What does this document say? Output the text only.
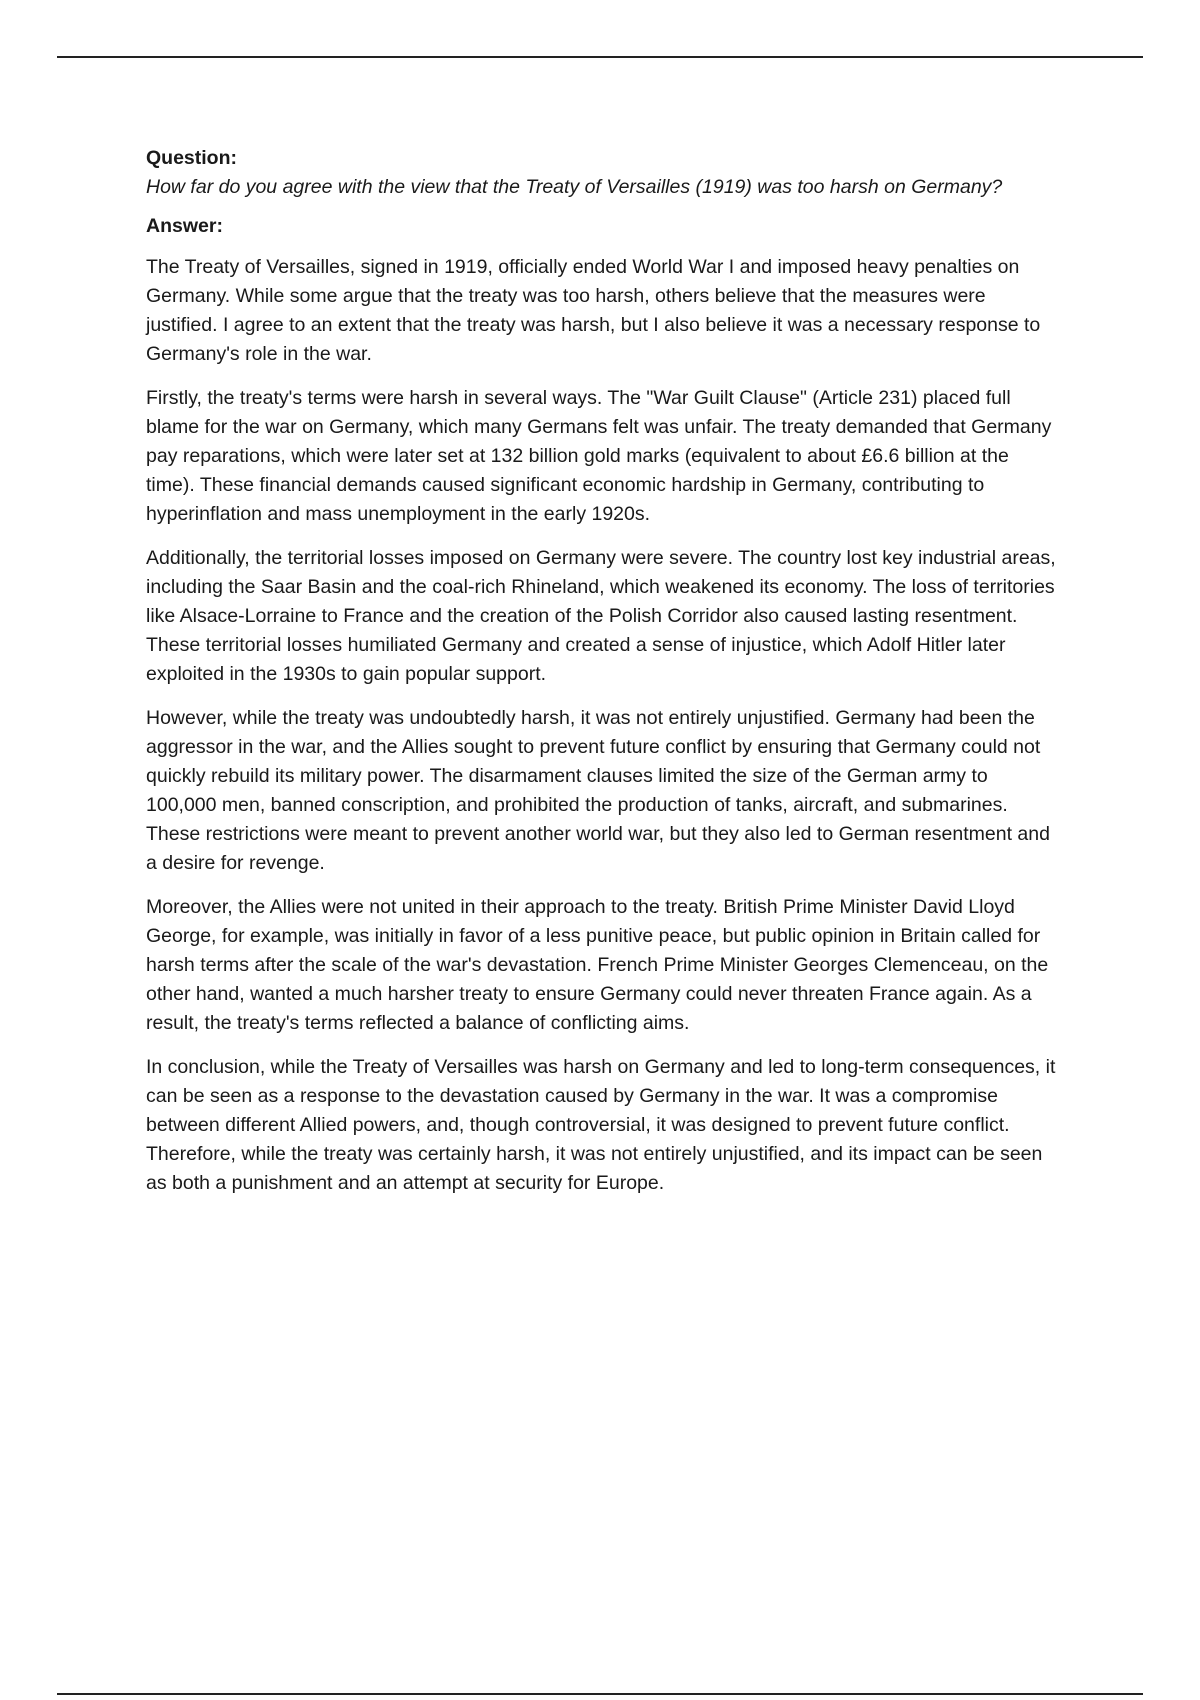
Question:

How far do you agree with the view that the Treaty of Versailles (1919) was too harsh on Germany?

Answer:

The Treaty of Versailles, signed in 1919, officially ended World War I and imposed heavy penalties on Germany. While some argue that the treaty was too harsh, others believe that the measures were justified. I agree to an extent that the treaty was harsh, but I also believe it was a necessary response to Germany's role in the war.

Firstly, the treaty's terms were harsh in several ways. The "War Guilt Clause" (Article 231) placed full blame for the war on Germany, which many Germans felt was unfair. The treaty demanded that Germany pay reparations, which were later set at 132 billion gold marks (equivalent to about £6.6 billion at the time). These financial demands caused significant economic hardship in Germany, contributing to hyperinflation and mass unemployment in the early 1920s.

Additionally, the territorial losses imposed on Germany were severe. The country lost key industrial areas, including the Saar Basin and the coal-rich Rhineland, which weakened its economy. The loss of territories like Alsace-Lorraine to France and the creation of the Polish Corridor also caused lasting resentment. These territorial losses humiliated Germany and created a sense of injustice, which Adolf Hitler later exploited in the 1930s to gain popular support.

However, while the treaty was undoubtedly harsh, it was not entirely unjustified. Germany had been the aggressor in the war, and the Allies sought to prevent future conflict by ensuring that Germany could not quickly rebuild its military power. The disarmament clauses limited the size of the German army to 100,000 men, banned conscription, and prohibited the production of tanks, aircraft, and submarines. These restrictions were meant to prevent another world war, but they also led to German resentment and a desire for revenge.

Moreover, the Allies were not united in their approach to the treaty. British Prime Minister David Lloyd George, for example, was initially in favor of a less punitive peace, but public opinion in Britain called for harsh terms after the scale of the war's devastation. French Prime Minister Georges Clemenceau, on the other hand, wanted a much harsher treaty to ensure Germany could never threaten France again. As a result, the treaty's terms reflected a balance of conflicting aims.

In conclusion, while the Treaty of Versailles was harsh on Germany and led to long-term consequences, it can be seen as a response to the devastation caused by Germany in the war. It was a compromise between different Allied powers, and, though controversial, it was designed to prevent future conflict. Therefore, while the treaty was certainly harsh, it was not entirely unjustified, and its impact can be seen as both a punishment and an attempt at security for Europe.
